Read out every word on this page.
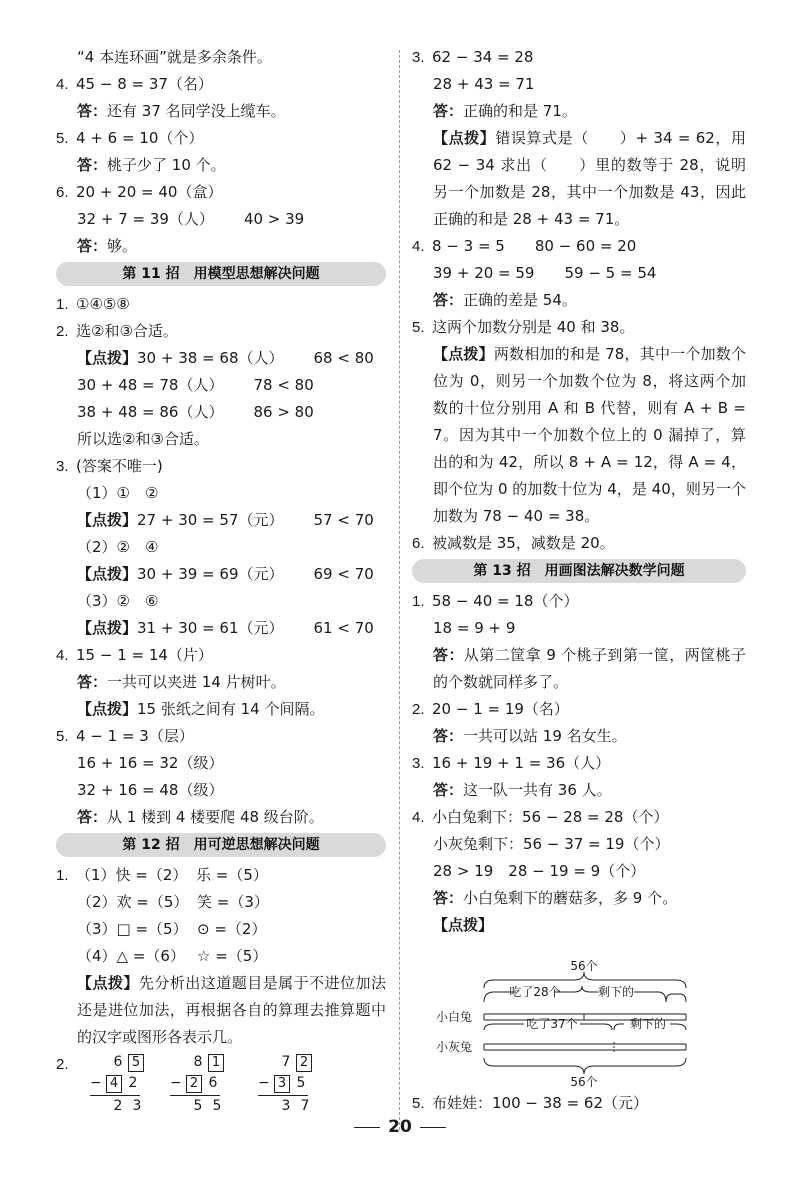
“4 本连环画”就是多余条件。
4. 45 − 8 = 37（名）
答：还有 37 名同学没上缆车。
5. 4 + 6 = 10（个）
答：桃子少了 10 个。
6. 20 + 20 = 40（盒）
32 + 7 = 39（人） 40 > 39
答：够。
第 11 招　用模型思想解决问题
1. ①④⑤⑧
2. 选②和③合适。
【点拨】30 + 38 = 68（人） 68 < 80
30 + 48 = 78（人） 78 < 80
38 + 48 = 86（人） 86 > 80
所以选②和③合适。
3. (答案不唯一)
（1）①　②
【点拨】27 + 30 = 57（元） 57 < 70
（2）②　④
【点拨】30 + 39 = 69（元） 69 < 70
（3）②　⑥
【点拨】31 + 30 = 61（元） 61 < 70
4. 15 − 1 = 14（片）
答：一共可以夹进 14 片树叶。
【点拨】15 张纸之间有 14 个间隔。
5. 4 − 1 = 3（层）
16 + 16 = 32（级）
32 + 16 = 48（级）
答：从 1 楼到 4 楼要爬 48 级台阶。
第 12 招　用可逆思想解决问题
1. （1）快 =（2） 乐 =（5）
（2）欢 =（5） 笑 =（3）
（3）□ =（5） ⊙ =（2）
（4）△ =（6） ☆ =（5）
【点拨】先分析出这道题目是属于不进位加法还是进位加法，再根据各自的算理去推算题中的汉字或图形各表示几。
2.	6 5
− 4 2
2 3
8 1
− 2 6
5 5
7 2
− 3 5
3 7
3. 62 − 34 = 28
28 + 43 = 71
答：正确的和是 71。
【点拨】错误算式是（　　）+ 34 = 62，用 62 − 34 求出（　　）里的数等于 28，说明另一个加数是 28，其中一个加数是 43，因此正确的和是 28 + 43 = 71。
4. 8 − 3 = 5 80 − 60 = 20
39 + 20 = 59 59 − 5 = 54
答：正确的差是 54。
5. 这两个加数分别是 40 和 38。
【点拨】两数相加的和是 78，其中一个加数个位为 0，则另一个加数个位为 8，将这两个加数的十位分别用 A 和 B 代替，则有 A + B = 7。因为其中一个加数个位上的 0 漏掉了，算出的和为 42，所以 8 + A = 12，得 A = 4，即个位为 0 的加数十位为 4，是 40，则另一个加数为 78 − 40 = 38。
6. 被减数是 35，减数是 20。
第 13 招　用画图法解决数学问题
1. 58 − 40 = 18（个）
18 = 9 + 9
答：从第二筐拿 9 个桃子到第一筐，两筐桃子的个数就同样多了。
2. 20 − 1 = 19（名）
答：一共可以站 19 名女生。
3. 16 + 19 + 1 = 36（人）
答：这一队一共有 36 人。
4. 小白兔剩下：56 − 28 = 28（个）
小灰兔剩下：56 − 37 = 19（个）
28 > 19　28 − 19 = 9（个）
答：小白兔剩下的蘑菇多，多 9 个。
【点拨】
56个
吃了28个	剩下的
小白兔	吃了37个	剩下的
小灰兔
56个
5. 布娃娃：100 − 38 = 62（元）
20
